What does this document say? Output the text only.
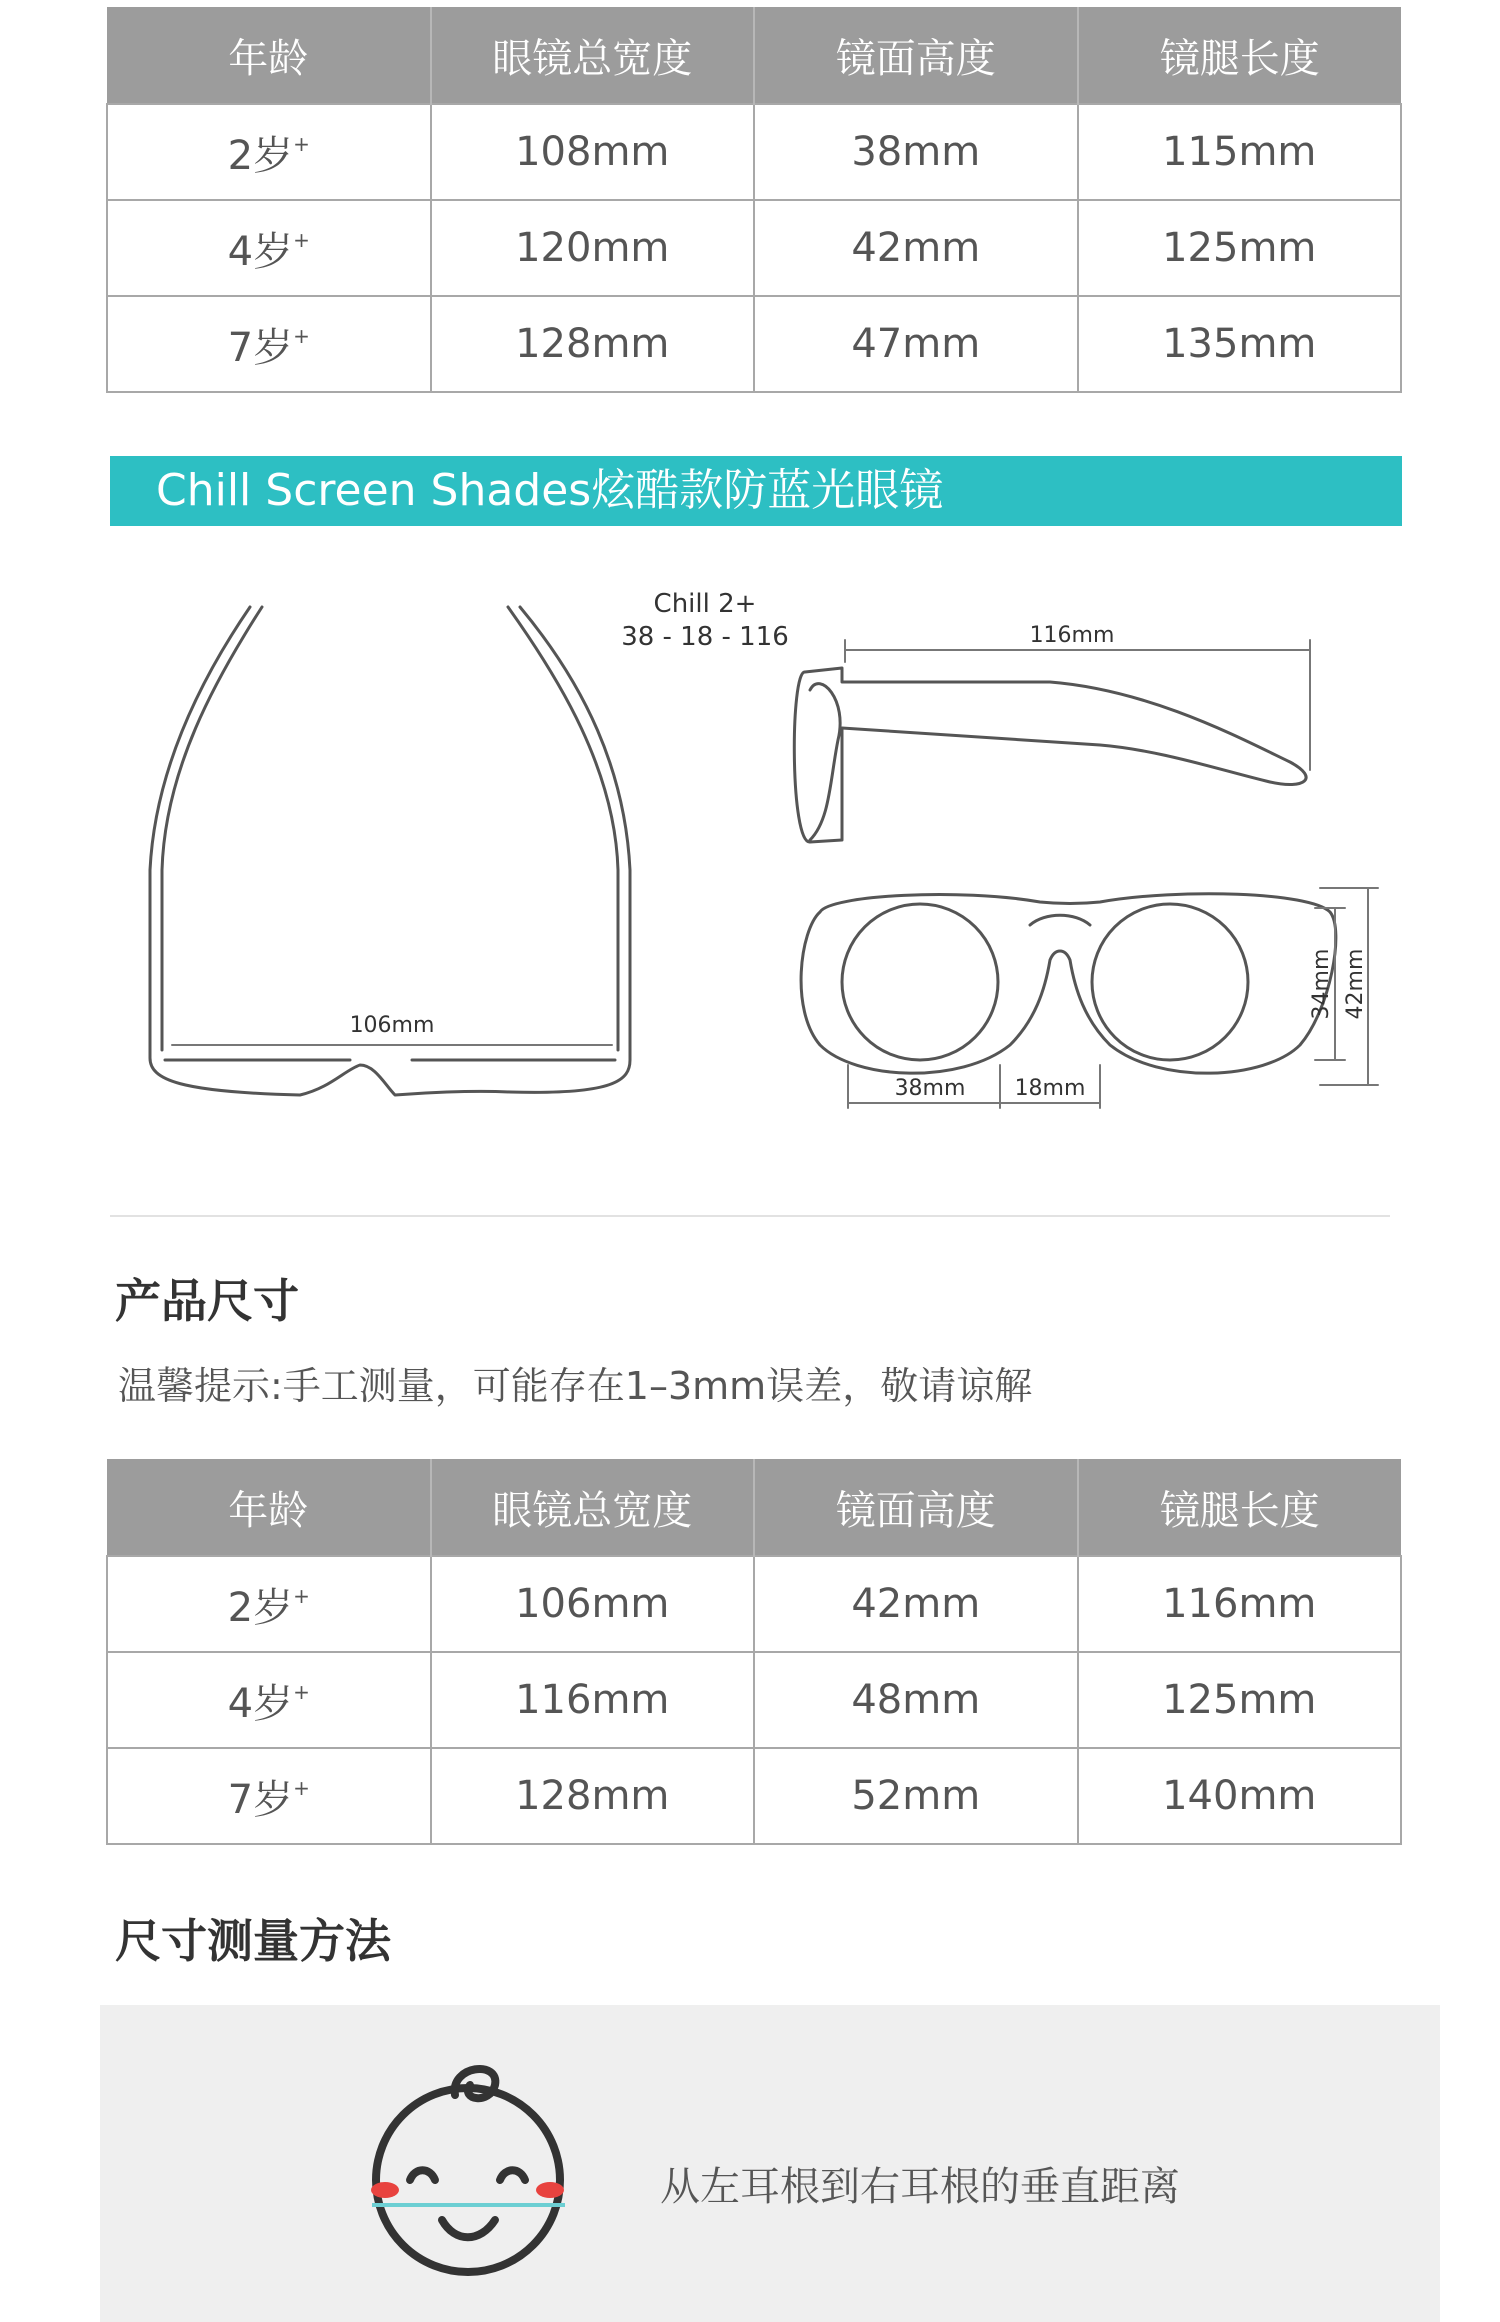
年龄	眼镜总宽度	镜面高度	镜腿长度
2岁+	108mm	38mm	115mm
4岁+	120mm	42mm	125mm
7岁+	128mm	47mm	135mm
Chill Screen Shades炫酷款防蓝光眼镜
Chill 2+
38 - 18 - 116	116mm
106mm
38mm 18mm
34mm 42mm
产品尺寸
温馨提示:手工测量，可能存在1–3mm误差，敬请谅解
年龄	眼镜总宽度	镜面高度	镜腿长度
2岁+	106mm	42mm	116mm
4岁+	116mm	48mm	125mm
7岁+	128mm	52mm	140mm
尺寸测量方法
从左耳根到右耳根的垂直距离
